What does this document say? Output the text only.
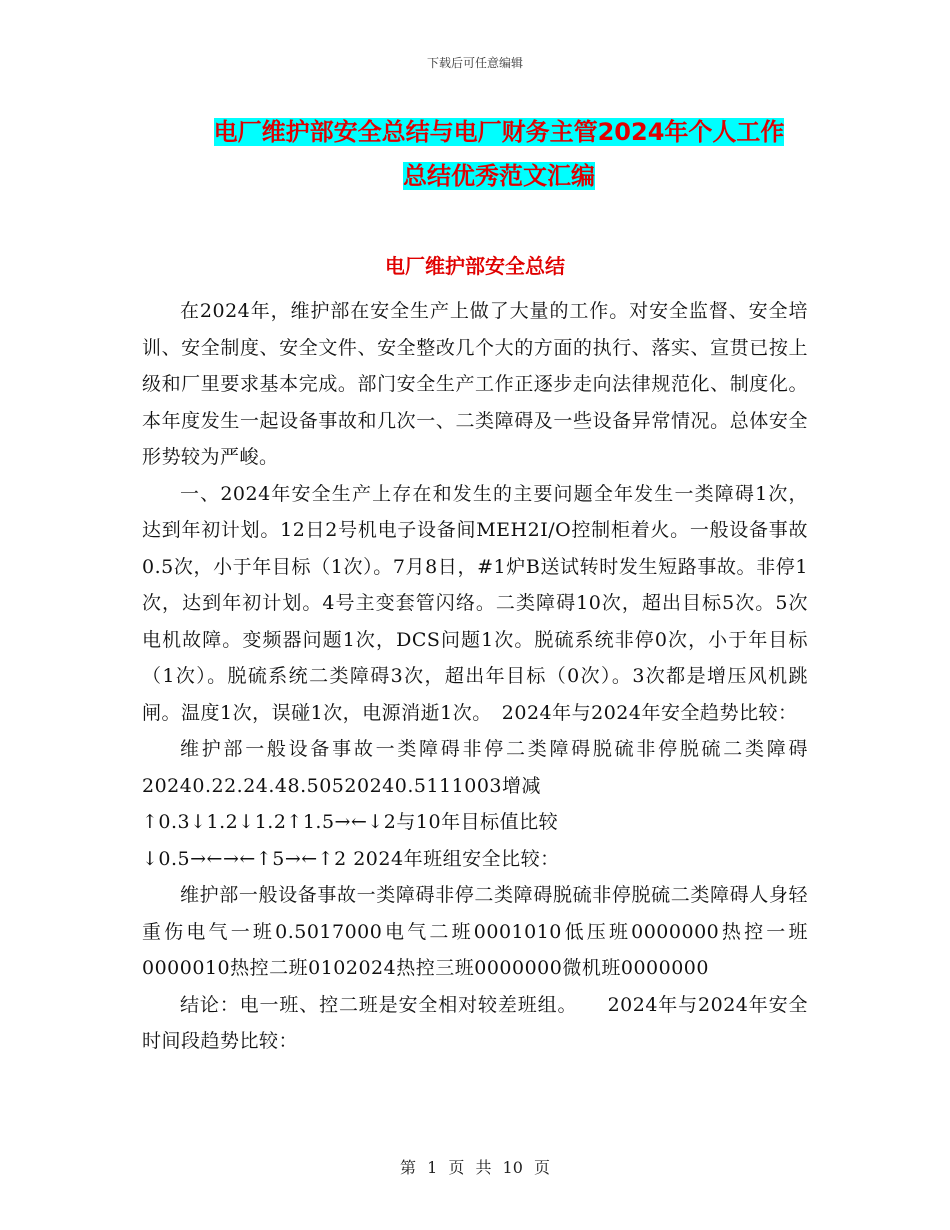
下载后可任意编辑
电厂维护部安全总结与电厂财务主管2024年个人工作
总结优秀范文汇编
电厂维护部安全总结

在2024年，维护部在安全生产上做了大量的工作。对安全监督、安全培训、安全制度、安全文件、安全整改几个大的方面的执行、落实、宣贯已按上级和厂里要求基本完成。部门安全生产工作正逐步走向法律规范化、制度化。本年度发生一起设备事故和几次一、二类障碍及一些设备异常情况。总体安全形势较为严峻。

一、2024年安全生产上存在和发生的主要问题全年发生一类障碍1次，达到年初计划。12日2号机电子设备间MEH2I/O控制柜着火。一般设备事故0.5次，小于年目标（1次）。7月8日，#1炉B送试转时发生短路事故。非停1次，达到年初计划。4号主变套管闪络。二类障碍10次，超出目标5次。5次电机故障。变频器问题1次，DCS问题1次。脱硫系统非停0次，小于年目标（1次）。脱硫系统二类障碍3次，超出年目标（0次）。3次都是增压风机跳闸。温度1次，误碰1次，电源消逝1次。　2024年与2024年安全趋势比较：

维护部一般设备事故一类障碍非停二类障碍脱硫非停脱硫二类障碍20240.22.24.48.50520240.5111003增减

↑0.3↓1.2↓1.2↑1.5→←↓2与10年目标值比较

↓0.5→←→←↑5→←↑2 2024年班组安全比较：

维护部一般设备事故一类障碍非停二类障碍脱硫非停脱硫二类障碍人身轻重伤电气一班0.5017000电气二班0001010低压班0000000热控一班0000010热控二班0102024热控三班0000000微机班0000000

结论：电一班、控二班是安全相对较差班组。　　2024年与2024年安全时间段趋势比较：

第 1 页 共 10 页
